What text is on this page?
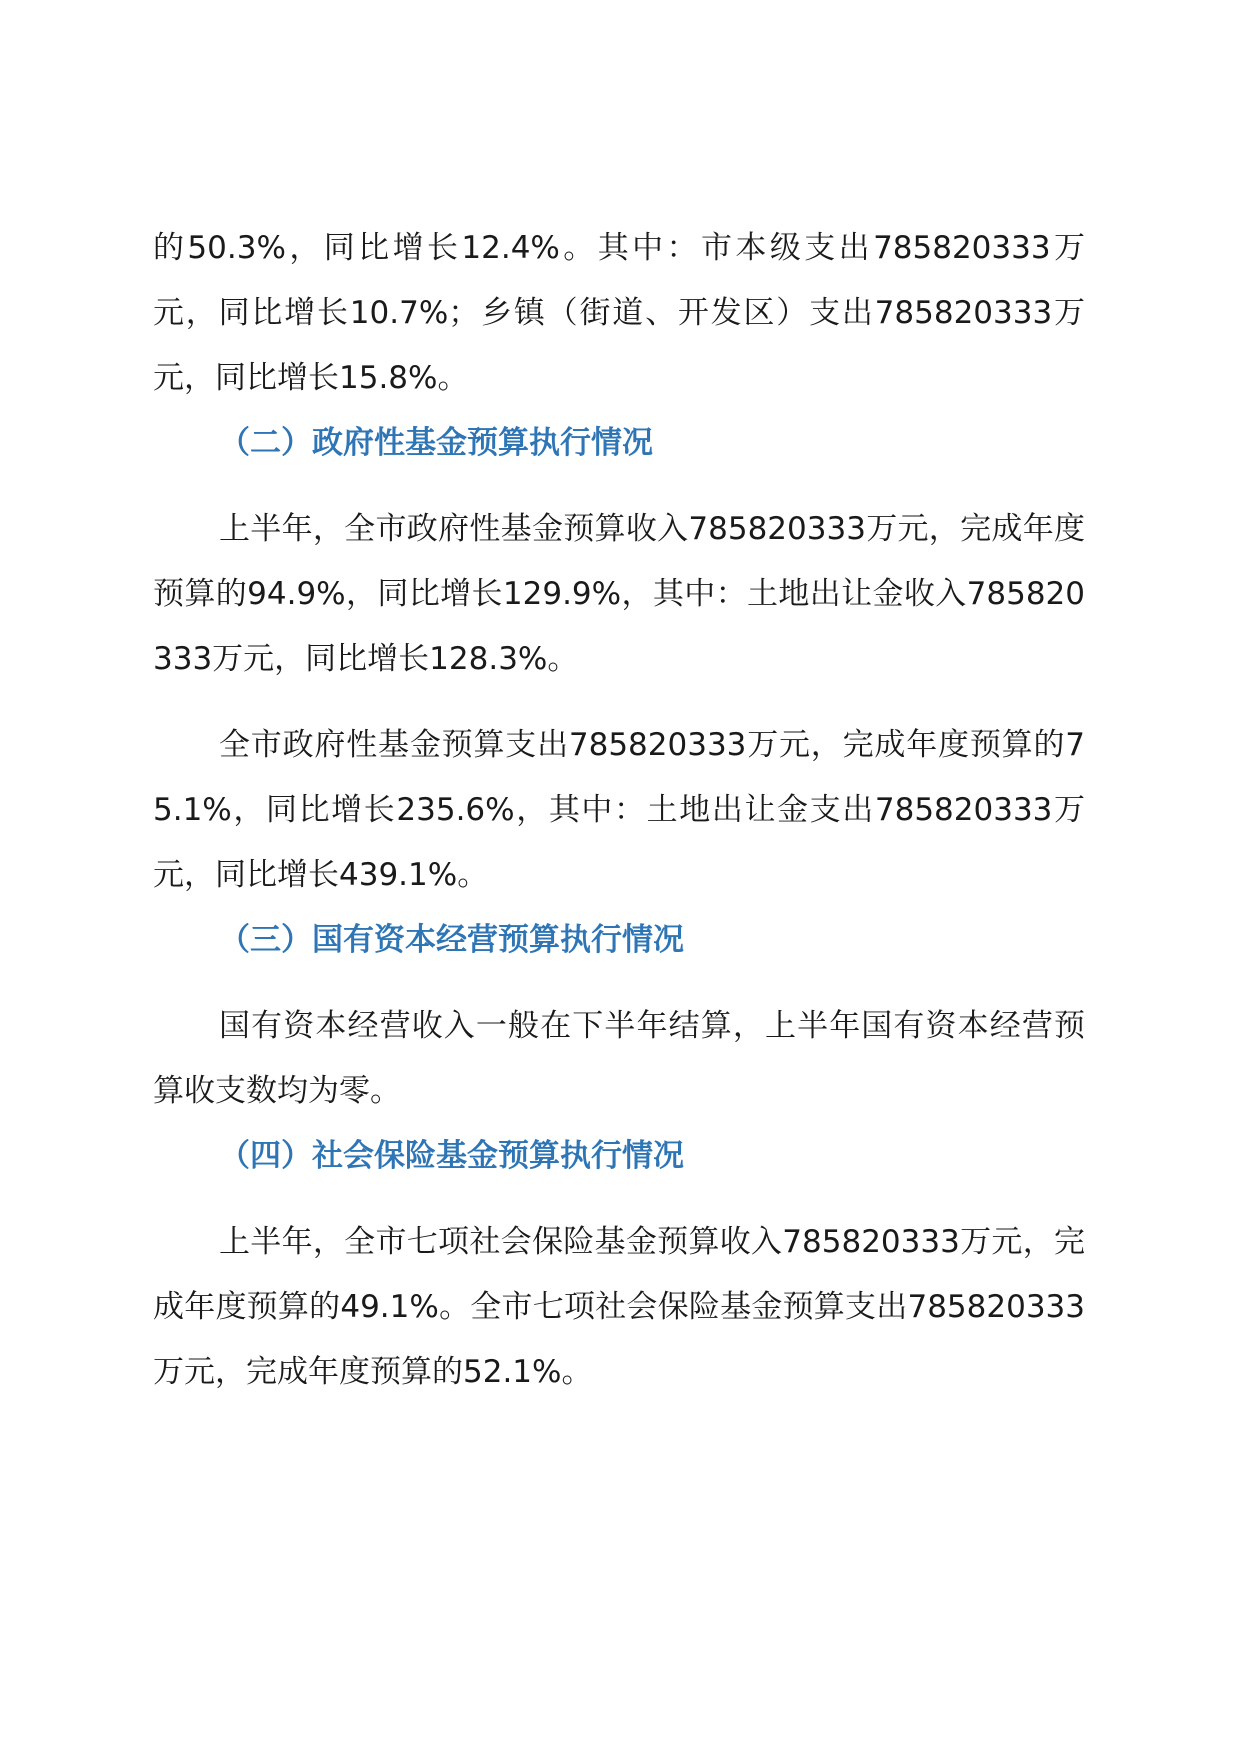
的50.3%，同比增长12.4%。其中：市本级支出785820333万元，同比增长10.7%；乡镇（街道、开发区）支出785820333万元，同比增长15.8%。

（二）政府性基金预算执行情况

上半年，全市政府性基金预算收入785820333万元，完成年度预算的94.9%，同比增长129.9%，其中：土地出让金收入785820333万元，同比增长128.3%。

全市政府性基金预算支出785820333万元，完成年度预算的75.1%，同比增长235.6%，其中：土地出让金支出785820333万元，同比增长439.1%。

（三）国有资本经营预算执行情况

国有资本经营收入一般在下半年结算，上半年国有资本经营预算收支数均为零。

（四）社会保险基金预算执行情况

上半年，全市七项社会保险基金预算收入785820333万元，完成年度预算的49.1%。全市七项社会保险基金预算支出785820333万元，完成年度预算的52.1%。
